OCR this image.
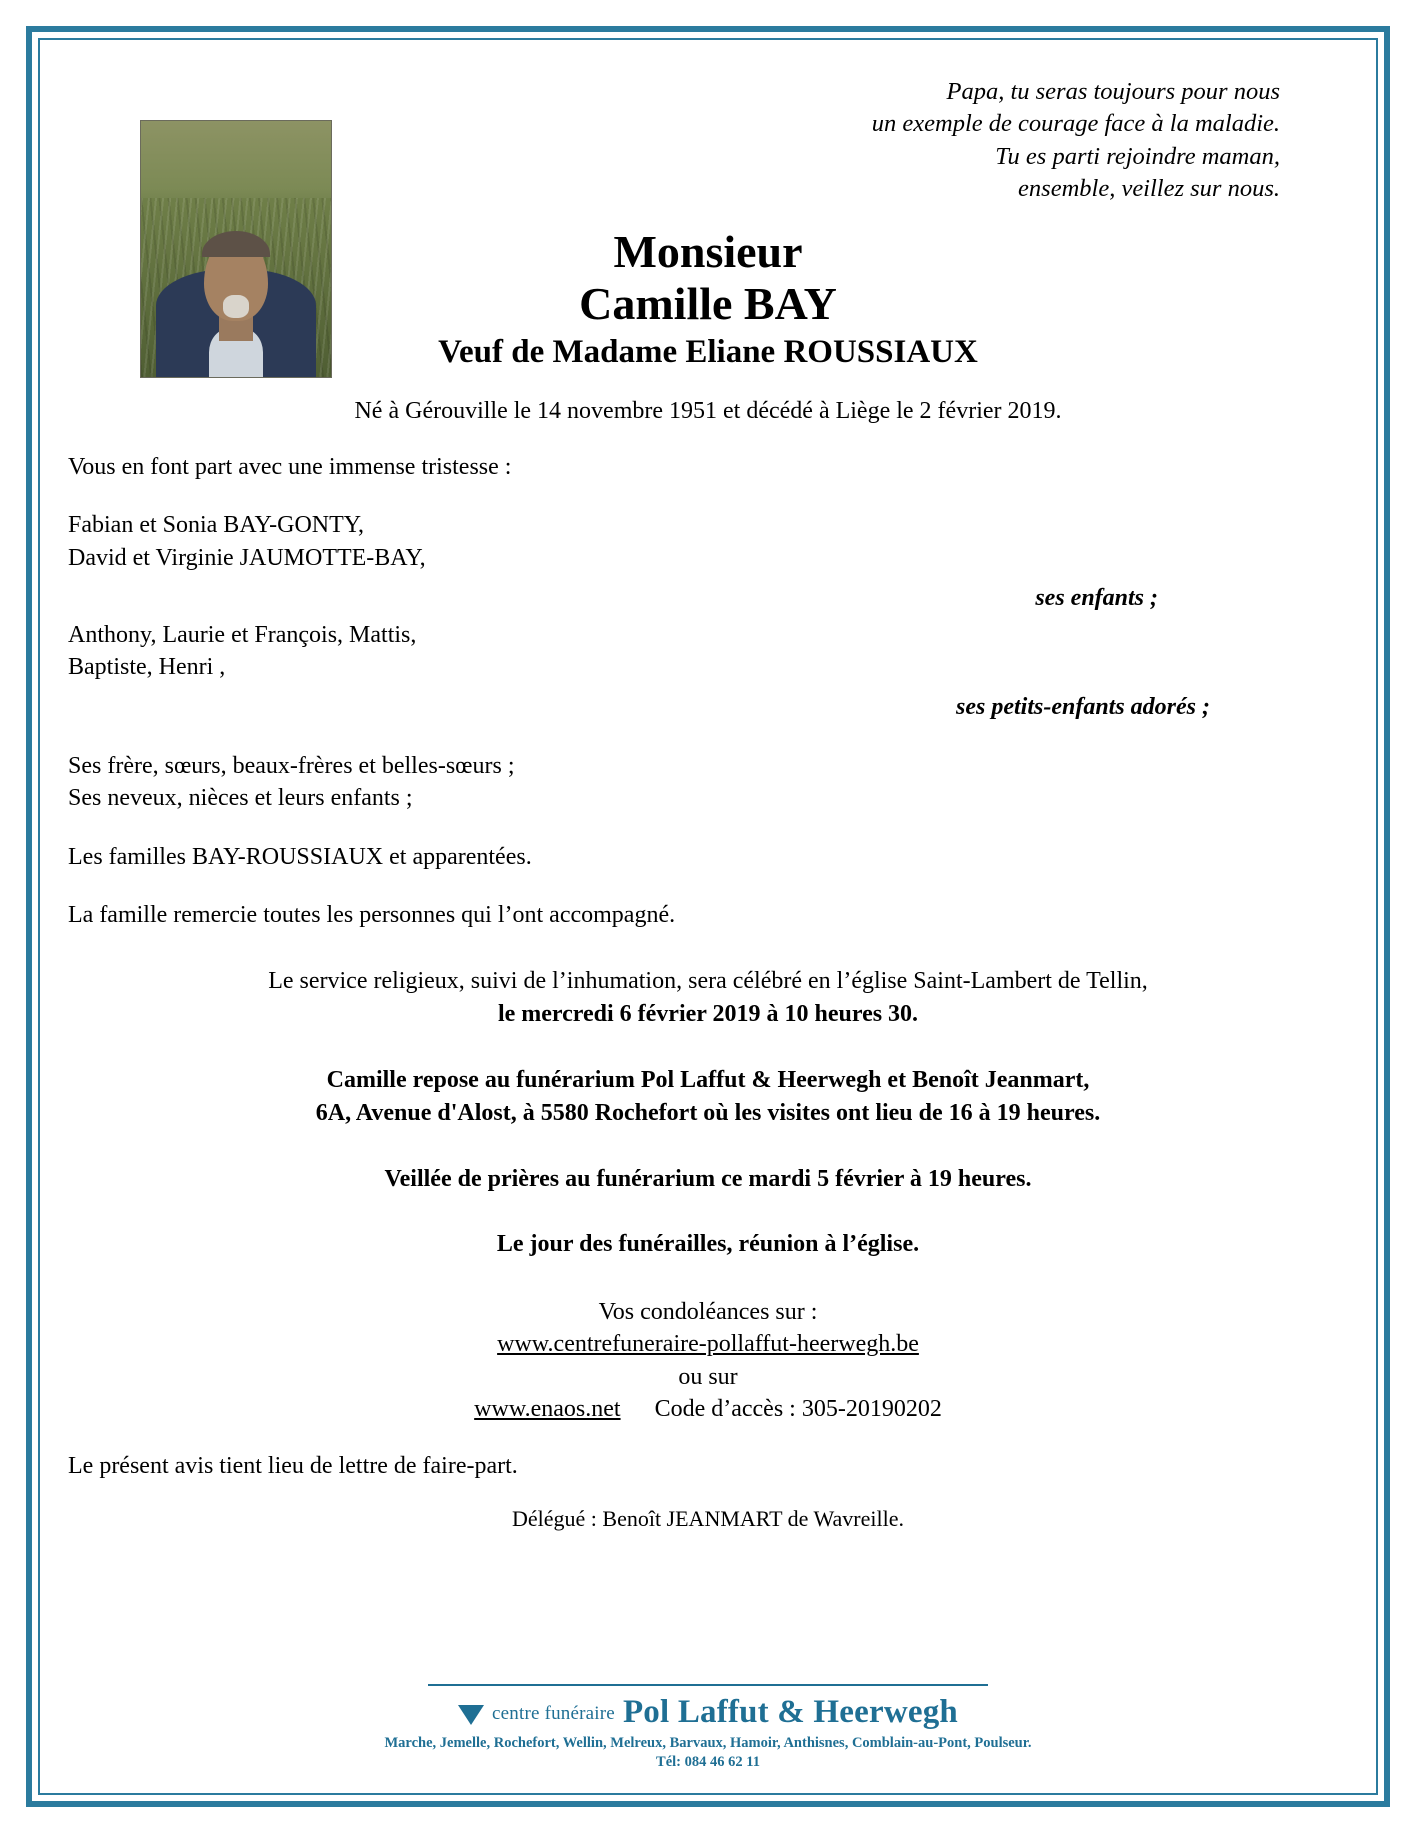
Papa, tu seras toujours pour nous
un exemple de courage face à la maladie.
Tu es parti rejoindre maman,
ensemble, veillez sur nous.
Monsieur
Camille BAY
Veuf de Madame Eliane ROUSSIAUX
Né à Gérouville le 14 novembre 1951 et décédé à Liège le 2 février 2019.
Vous en font part avec une immense tristesse :
Fabian et Sonia BAY-GONTY,
David et Virginie JAUMOTTE-BAY,
ses enfants ;
Anthony, Laurie et François, Mattis,
Baptiste, Henri ,
ses petits-enfants adorés ;
Ses frère, sœurs, beaux-frères et belles-sœurs ;
Ses neveux, nièces et leurs enfants ;
Les familles BAY-ROUSSIAUX et apparentées.
La famille remercie toutes les personnes qui l’ont accompagné.
Le service religieux, suivi de l’inhumation, sera célébré en l’église Saint-Lambert de Tellin,
le mercredi 6 février 2019 à 10 heures 30.
Camille repose au funérarium Pol Laffut & Heerwegh et Benoît Jeanmart,
6A, Avenue d'Alost, à 5580 Rochefort où les visites ont lieu de 16 à 19 heures.
Veillée de prières au funérarium ce mardi 5 février à 19 heures.
Le jour des funérailles, réunion à l’église.
Vos condoléances sur :
www.centrefuneraire-pollaffut-heerwegh.be
ou sur
www.enaos.net Code d’accès : 305-20190202
Le présent avis tient lieu de lettre de faire-part.
Délégué : Benoît JEANMART de Wavreille.
centre funéraire Pol Laffut & Heerwegh
Marche, Jemelle, Rochefort, Wellin, Melreux, Barvaux, Hamoir, Anthisnes, Comblain-au-Pont, Poulseur.
Tél: 084 46 62 11
